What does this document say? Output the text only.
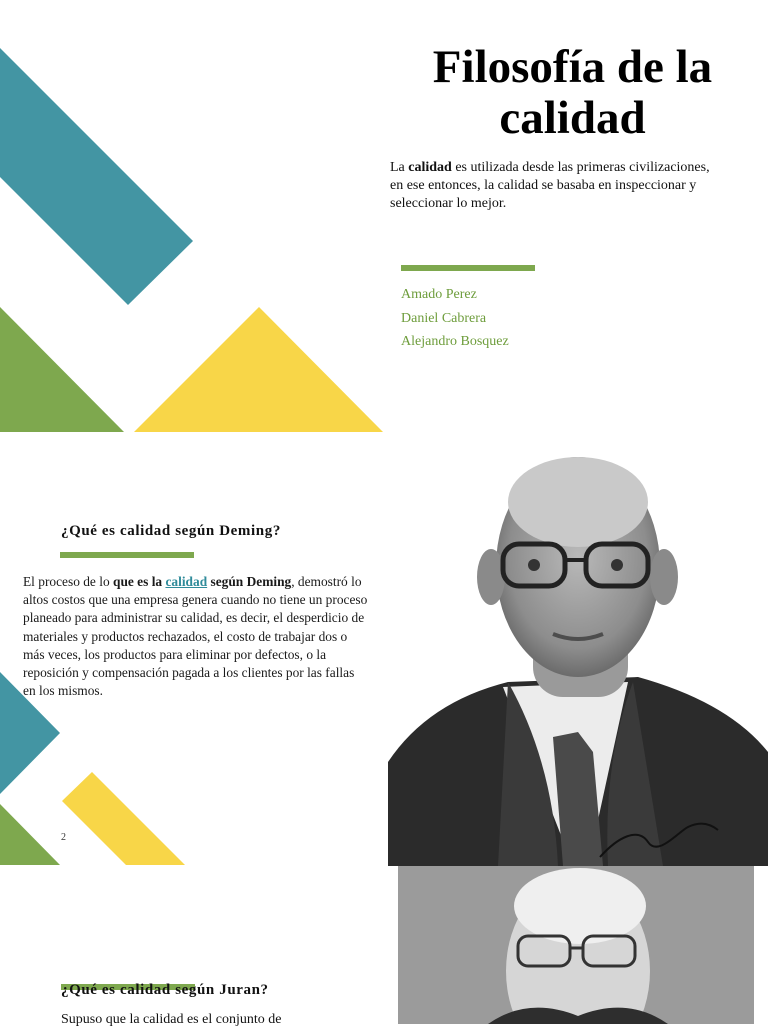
Filosofía de la
calidad
La calidad es utilizada desde las primeras civilizaciones,
en ese entonces, la calidad se basaba en inspeccionar y
seleccionar lo mejor.
Amado Perez
Daniel Cabrera
Alejandro Bosquez
¿Qué es calidad según Deming?
2
El proceso de lo que es la calidad según Deming, demostró lo
altos costos que una empresa genera cuando no tiene un proceso
planeado para administrar su calidad, es decir, el desperdicio de
materiales y productos rechazados, el costo de trabajar dos o
más veces, los productos para eliminar por defectos, o la
reposición y compensación pagada a los clientes por las fallas
en los mismos.
¿Qué es calidad según Juran?
Supuso que la calidad es el conjunto de
